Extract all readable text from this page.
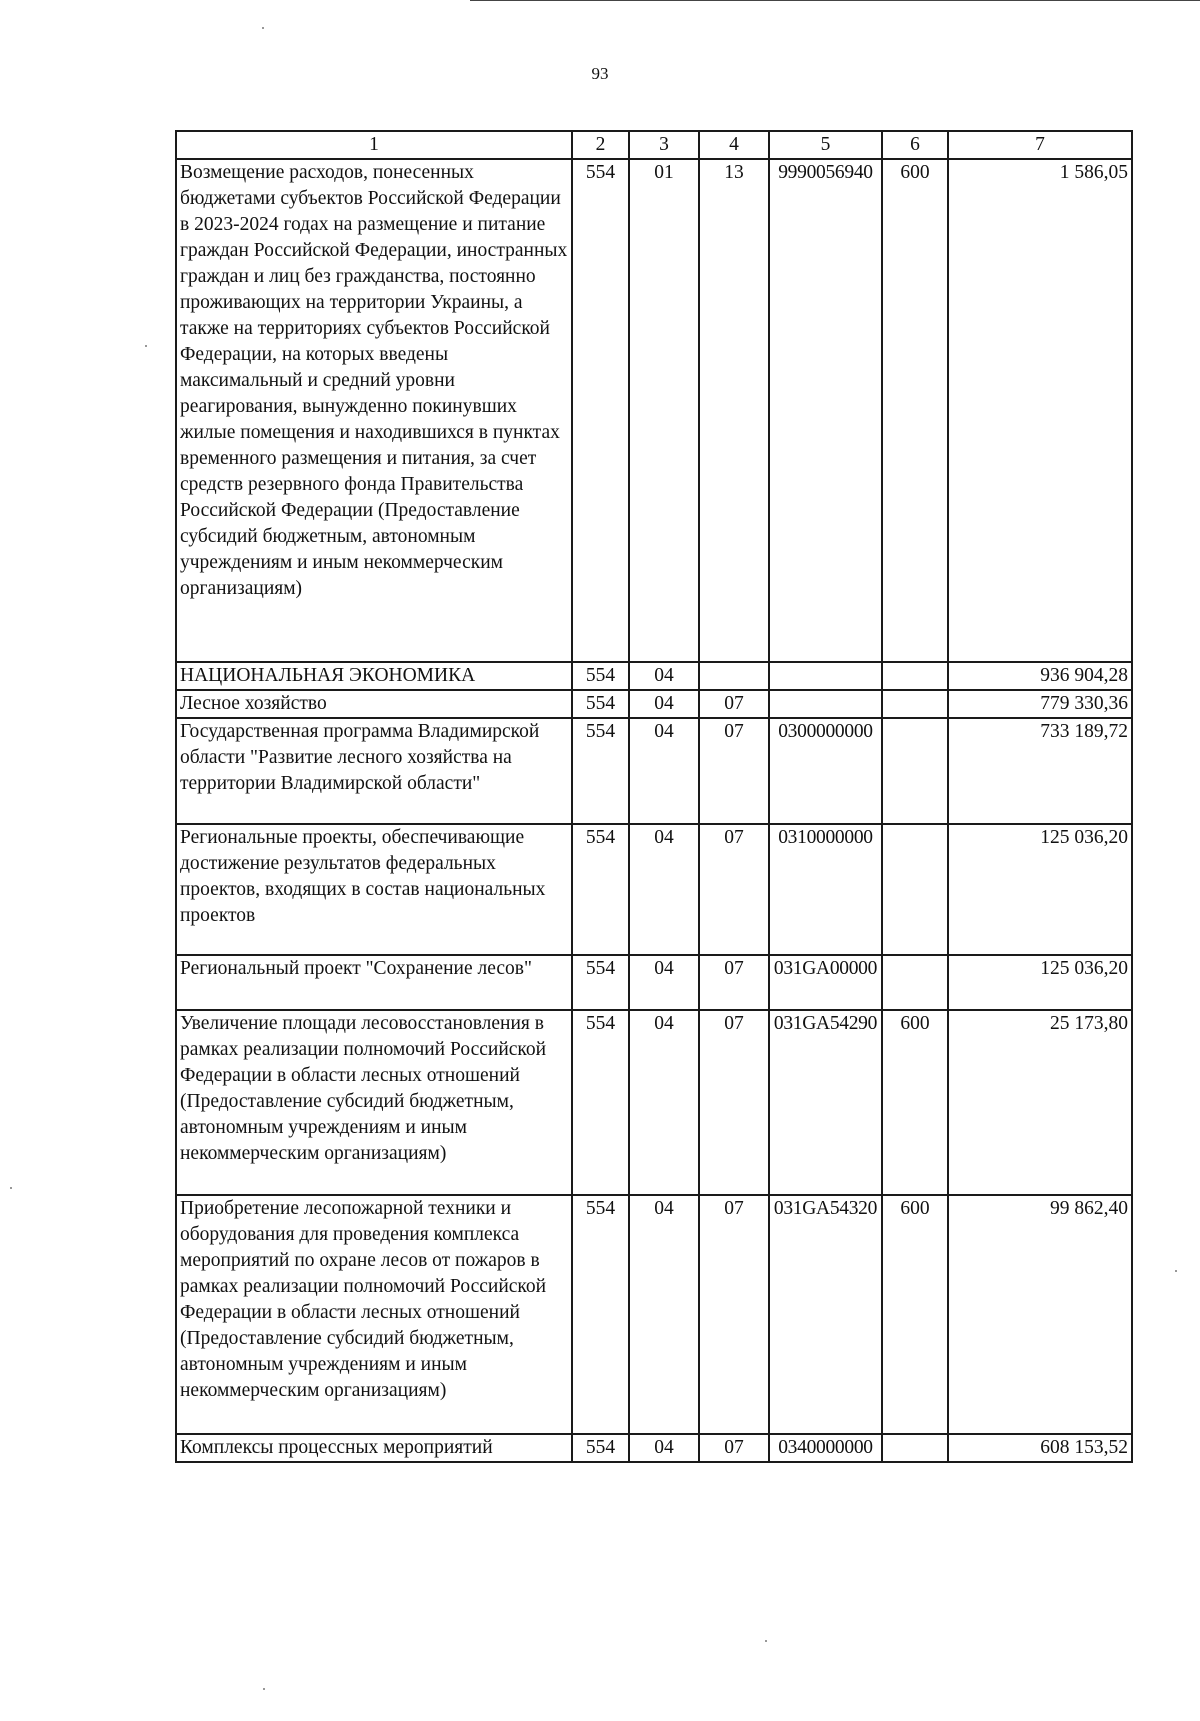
93
1	2	3	4	5	6	7
Возмещение расходов, понесенных бюджетами субъектов Российской Федерации в 2023-2024 годах на размещение и питание граждан Российской Федерации, иностранных граждан и лиц без гражданства, постоянно проживающих на территории Украины, а также на территориях субъектов Российской Федерации, на которых введены максимальный и средний уровни реагирования, вынужденно покинувших жилые помещения и находившихся в пунктах временного размещения и питания, за счет средств резервного фонда Правительства Российской Федерации (Предоставление субсидий бюджетным, автономным учреждениям и иным некоммерческим организациям)	554	01	13	9990056940	600	1 586,05
НАЦИОНАЛЬНАЯ ЭКОНОМИКА	554	04				936 904,28
Лесное хозяйство	554	04	07			779 330,36
Государственная программа Владимирской области "Развитие лесного хозяйства на территории Владимирской области"	554	04	07	0300000000		733 189,72
Региональные проекты, обеспечивающие достижение результатов федеральных проектов, входящих в состав национальных проектов	554	04	07	0310000000		125 036,20
Региональный проект "Сохранение лесов"	554	04	07	031GA00000		125 036,20
Увеличение площади лесовосстановления в рамках реализации полномочий Российской Федерации в области лесных отношений (Предоставление субсидий бюджетным, автономным учреждениям и иным некоммерческим организациям)	554	04	07	031GA54290	600	25 173,80
Приобретение лесопожарной техники и оборудования для проведения комплекса мероприятий по охране лесов от пожаров в рамках реализации полномочий Российской Федерации в области лесных отношений (Предоставление субсидий бюджетным, автономным учреждениям и иным некоммерческим организациям)	554	04	07	031GA54320	600	99 862,40
Комплексы процессных мероприятий	554	04	07	0340000000		608 153,52
